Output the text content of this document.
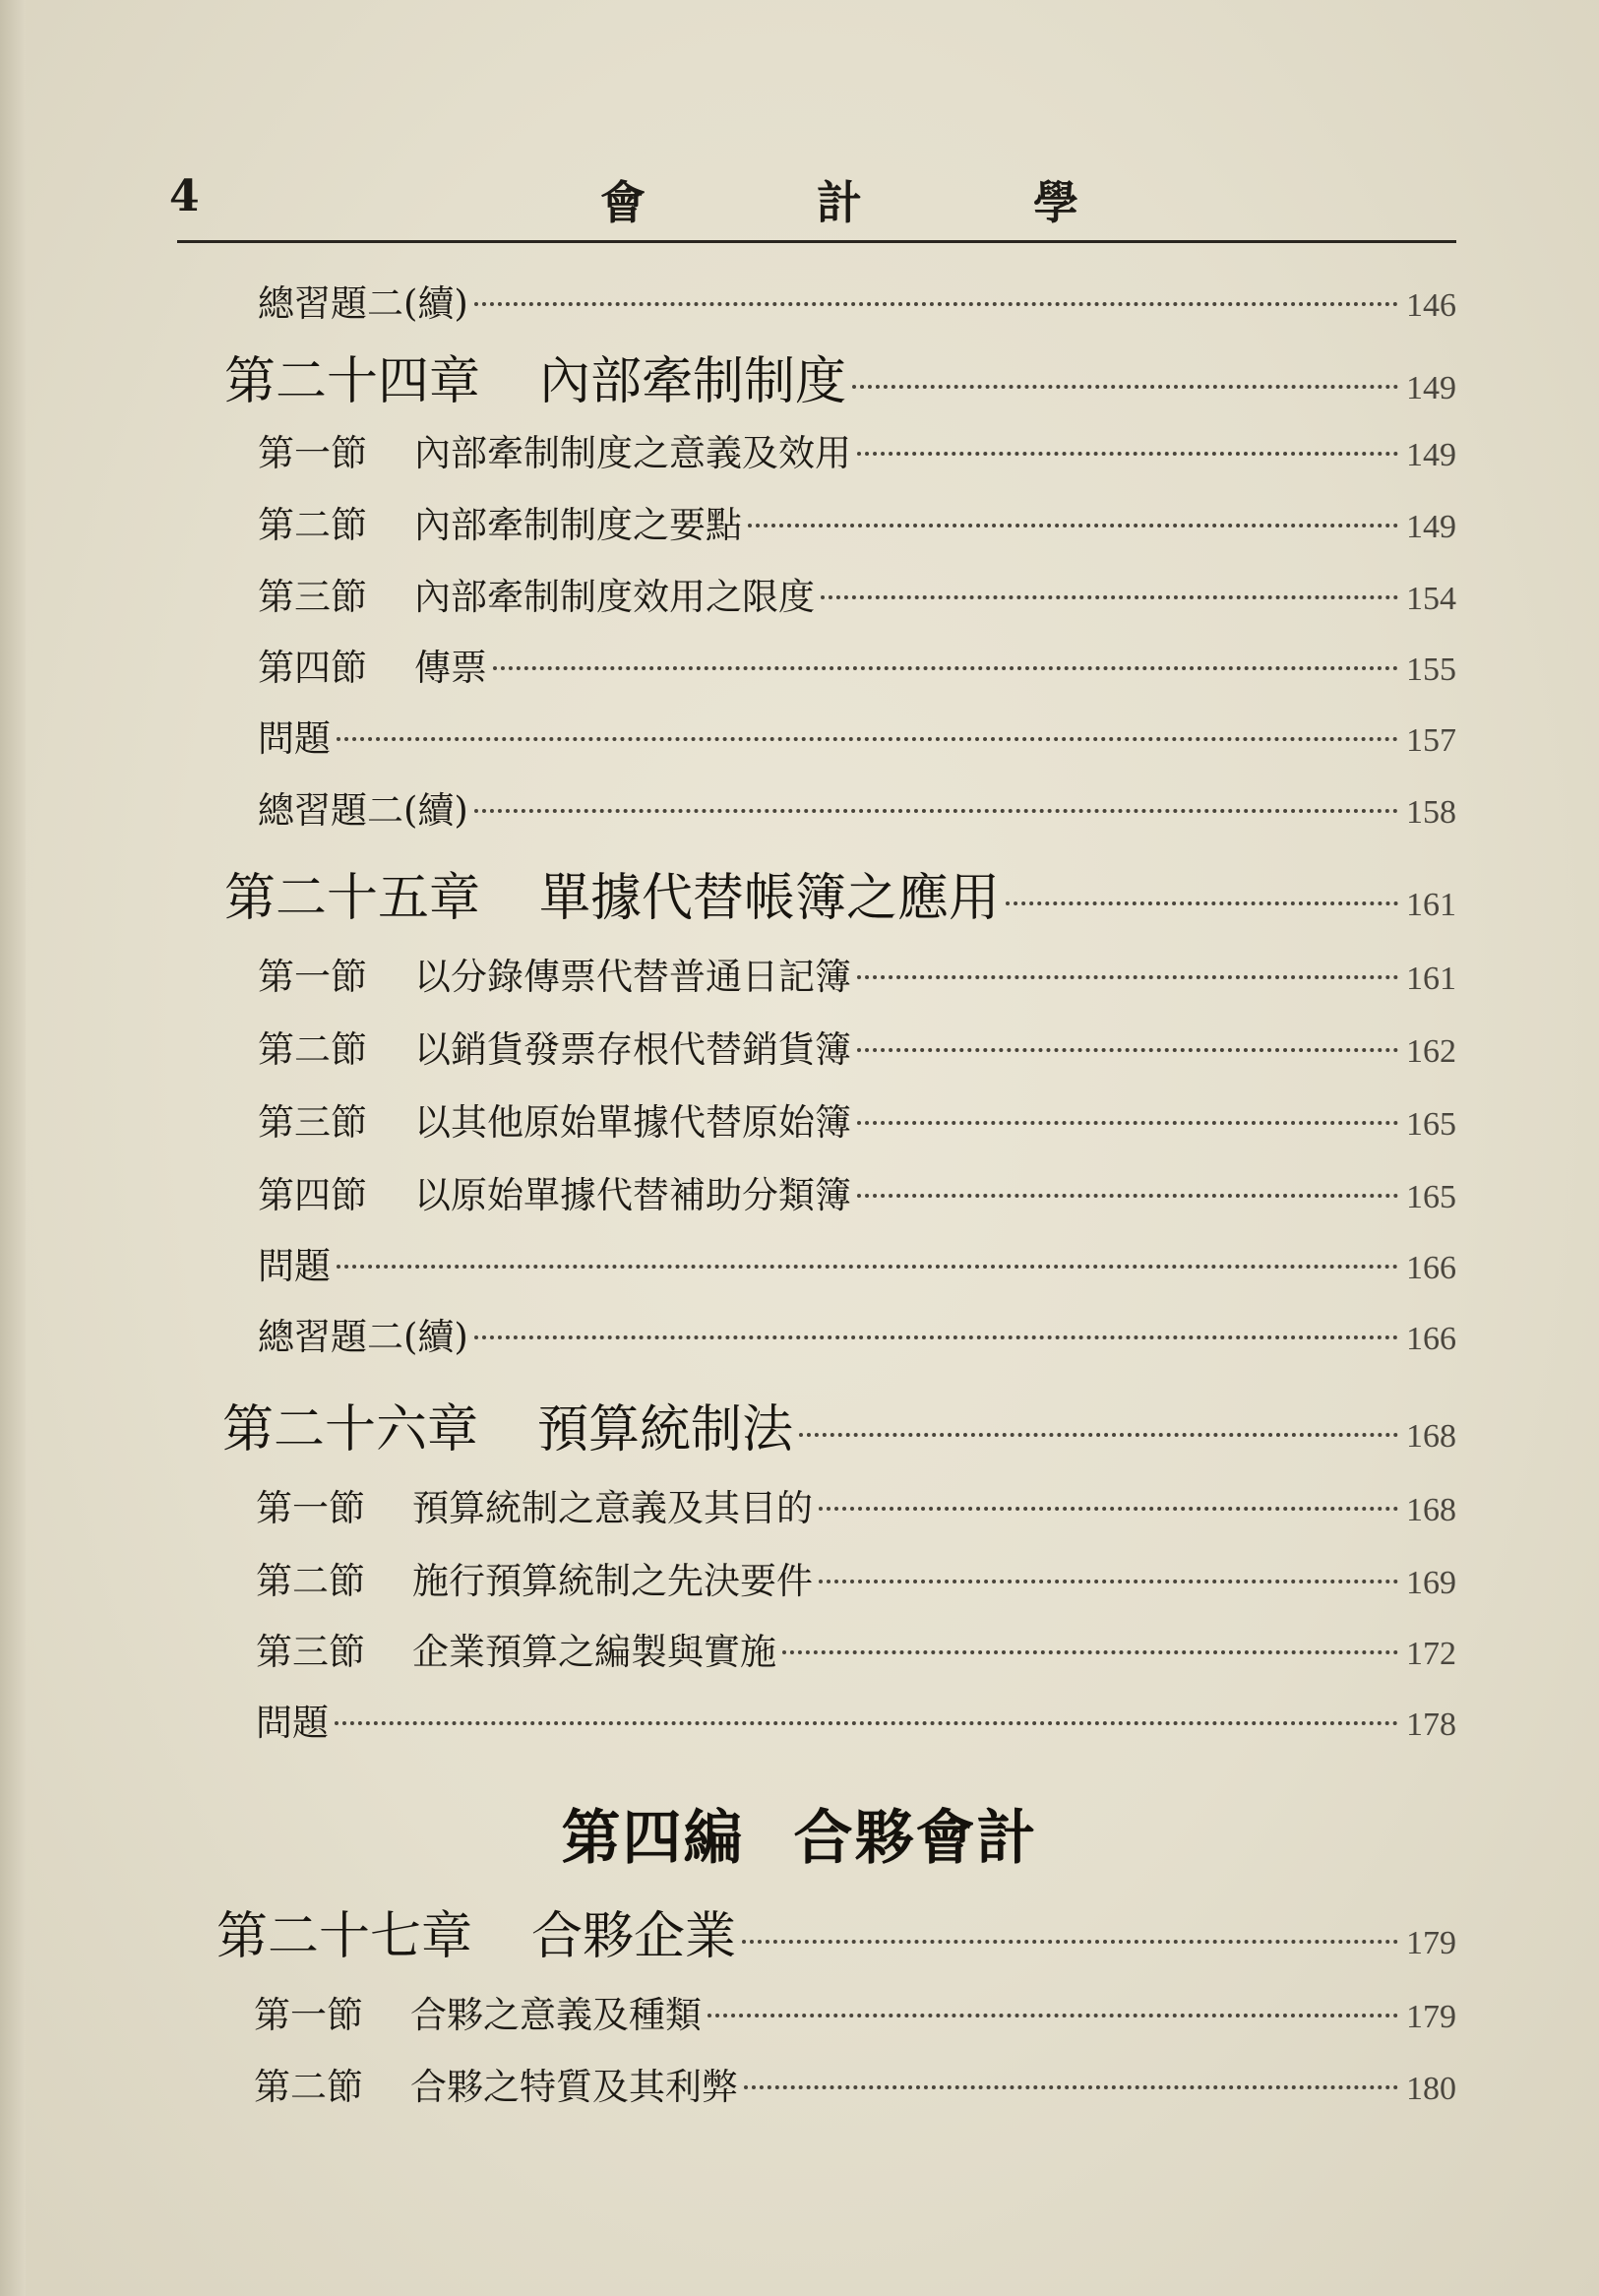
4	會	計	學
總習題二(續)	146
第二十四章 內部牽制制度	149
第一節 內部牽制制度之意義及效用	149
第二節 內部牽制制度之要點	149
第三節 內部牽制制度效用之限度	154
第四節 傳票	155
問題	157
總習題二(續)	158
第二十五章 單據代替帳簿之應用	161
第一節 以分錄傳票代替普通日記簿	161
第二節 以銷貨發票存根代替銷貨簿	162
第三節 以其他原始單據代替原始簿	165
第四節 以原始單據代替補助分類簿	165
問題	166
總習題二(續)	166
第二十六章 預算統制法	168
第一節 預算統制之意義及其目的	168
第二節 施行預算統制之先決要件	169
第三節 企業預算之編製與實施	172
問題	178
第四編 合夥會計
第二十七章 合夥企業	179
第一節 合夥之意義及種類	179
第二節 合夥之特質及其利弊	180
